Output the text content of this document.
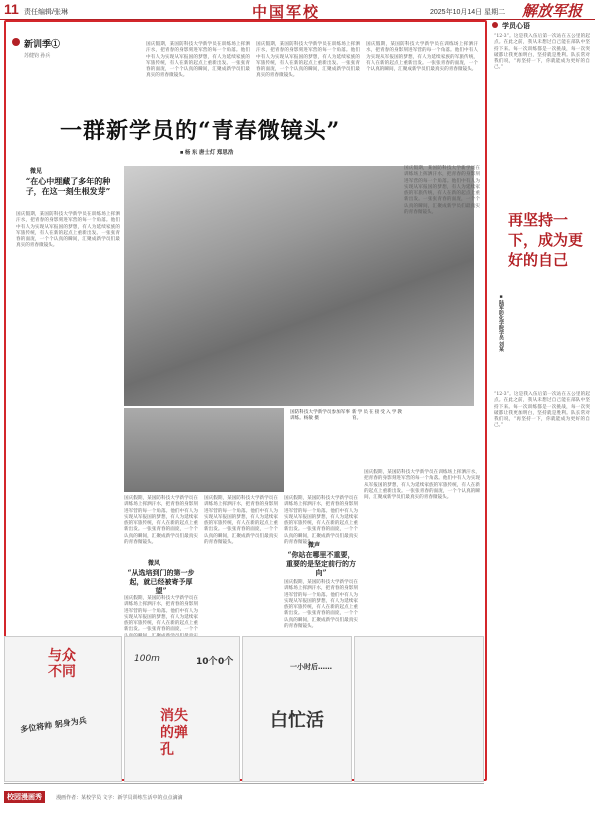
11 责任编辑/张琳	中国军校	2025年10月14日 星期二 解放军报
新训季①
苏健钧 孙兵
国庆假期，某国防科技大学新学员在训练场上挥洒汗水，把青春的身影刻进军营的每一个角落。他们中有人为实现从军报国的梦想，有人为延续家族的军旅传统，有人在新的起点上重新出发。一张张青春的面庞，一个个认真的瞬间，汇聚成新学员们最真实的青春微镜头。
国庆假期，某国防科技大学新学员在训练场上挥洒汗水，把青春的身影刻进军营的每一个角落。他们中有人为实现从军报国的梦想，有人为延续家族的军旅传统，有人在新的起点上重新出发。一张张青春的面庞，一个个认真的瞬间，汇聚成新学员们最真实的青春微镜头。
国庆假期，某国防科技大学新学员在训练场上挥洒汗水，把青春的身影刻进军营的每一个角落。他们中有人为实现从军报国的梦想，有人为延续家族的军旅传统，有人在新的起点上重新出发。一张张青春的面庞，一个个认真的瞬间，汇聚成新学员们最真实的青春微镜头。
一群新学员的“青春微镜头”
■ 杨 东 唐士灯 郑思浩
微见
“在心中埋藏了多年的种子，在这一刻生根发芽”
国庆假期，某国防科技大学新学员在训练场上挥洒汗水，把青春的身影刻进军营的每一个角落。他们中有人为实现从军报国的梦想，有人为延续家族的军旅传统，有人在新的起点上重新出发。一张张青春的面庞，一个个认真的瞬间，汇聚成新学员们最真实的青春微镜头。
国防科技大学新学员参加军事训练。杨敏 摄
新学员在接受入学教育。
国庆假期，某国防科技大学新学员在训练场上挥洒汗水，把青春的身影刻进军营的每一个角落。他们中有人为实现从军报国的梦想，有人为延续家族的军旅传统，有人在新的起点上重新出发。一张张青春的面庞，一个个认真的瞬间，汇聚成新学员们最真实的青春微镜头。
国庆假期，某国防科技大学新学员在训练场上挥洒汗水，把青春的身影刻进军营的每一个角落。他们中有人为实现从军报国的梦想，有人为延续家族的军旅传统，有人在新的起点上重新出发。一张张青春的面庞，一个个认真的瞬间，汇聚成新学员们最真实的青春微镜头。
微风
“从选培到门的第一步起，就已经被寄予厚望”
国庆假期，某国防科技大学新学员在训练场上挥洒汗水，把青春的身影刻进军营的每一个角落。他们中有人为实现从军报国的梦想，有人为延续家族的军旅传统，有人在新的起点上重新出发。一张张青春的面庞，一个个
国庆假期，某国防科技大学新学员在训练场上挥洒汗水，把青春的身影刻进军营的每一个角落。他们中有人为实现从军报国的梦想，有人为延续家族的军旅传统，有人在新的起点上重新出发。一张张青春的面庞，一个个认真的瞬间，汇聚成新学员们最真实的青春微镜头。
国庆假期，某国防科技大学新学员在训练场上挥洒汗水，把青春的身影刻进军营的每一个角落。他们中有人为实现从军报国的梦想，有人为延续家族的军旅传统，有人在新的起点上重新出发。一张张青春的面庞，一个个认真的瞬间，汇聚成新学员们最真实的青春微镜头。
微声
“你站在哪里不重要，重要的是坚定前行的方向”
国庆假期，某国防科技大学新学员在训练场上挥洒汗水，把青春的身影刻进军营的每一个角落。他们中有人为实现从军报国的梦想，有人为延续家族的军旅传统，有人在新的起点上重新出发。一张张青春的面庞，一个个认真的瞬间，汇聚成新学员们最真实的青春微镜头。
国庆假期，某国防科技大学新学员在训练场上挥洒汗水，把青春的身影刻进军营的每一个角落。他们中有人为实现从军报国的梦想，有人为延续家族的军旅传统，有人在新的起点上重新出发。一张张青春的面庞，一个个认真的瞬间，汇聚成新学员们最真实的青春微镜头。
与众不同
多位将帅 躬身为兵
100m	10个 0个
消失的弹孔
一小时后……
白忙活
校园漫画秀	漫画作者：某校学员 文字：新学员训练生活中的点点滴滴
学员心语
“12·3”。这是我入伍后第一次站在五公里的起点。在此之前，我从未想过自己能在部队中坚持下来。每一次训练都是一次挑战，每一次突破都让我更加明白，坚持就是胜利。队长常对我们说，“再坚持一下，你就能成为更好的自己。”
再坚持一下，成为更好的自己
■陆军防化学院学员 刘某
“12·3”。这是我入伍后第一次站在五公里的起点。在此之前，我从未想过自己能在部队中坚持下来。每一次训练都是一次挑战，每一次突破都让我更加明白，坚持就是胜利。队长常对我们说，“再坚持一下，你就能成为更好的自己。”
